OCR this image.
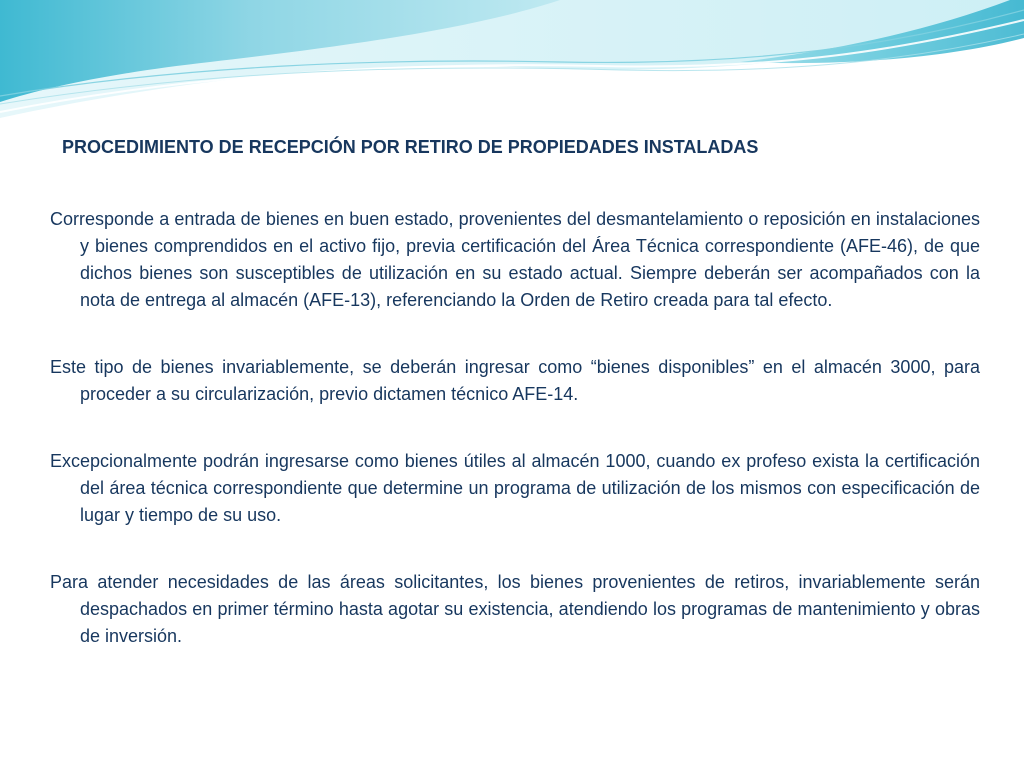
PROCEDIMIENTO DE RECEPCIÓN POR RETIRO DE PROPIEDADES INSTALADAS

Corresponde a entrada de bienes en buen estado, provenientes del desmantelamiento o reposición en instalaciones y bienes comprendidos en el activo fijo, previa certificación del Área Técnica correspondiente (AFE-46), de que dichos bienes son susceptibles de utilización en su estado actual. Siempre deberán ser acompañados con la nota de entrega al almacén (AFE-13), referenciando la Orden de Retiro creada para tal efecto.

Este tipo de bienes invariablemente, se deberán ingresar como “bienes disponibles” en el almacén 3000, para proceder a su circularización, previo dictamen técnico AFE-14.

Excepcionalmente podrán ingresarse como bienes útiles al almacén 1000, cuando ex profeso exista la certificación del área técnica correspondiente que determine un programa de utilización de los mismos con especificación de lugar y tiempo de su uso.

Para atender necesidades de las áreas solicitantes, los bienes provenientes de retiros, invariablemente serán despachados en primer término hasta agotar su existencia, atendiendo los programas de mantenimiento y obras de inversión.
